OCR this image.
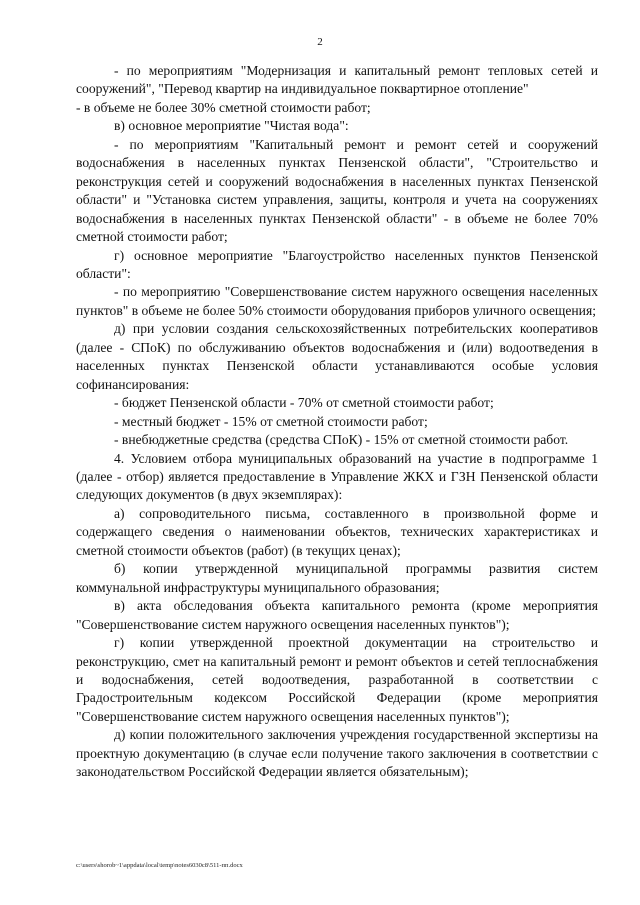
2

- по мероприятиям "Модернизация и капитальный ремонт тепловых сетей и сооружений", "Перевод квартир на индивидуальное поквартирное отопление"

- в объеме не более 30% сметной стоимости работ;

в) основное мероприятие "Чистая вода":

- по мероприятиям "Капитальный ремонт и ремонт сетей и сооружений водоснабжения в населенных пунктах Пензенской области", "Строительство и реконструкция сетей и сооружений водоснабжения в населенных пунктах Пензенской области" и "Установка систем управления, защиты, контроля и учета на сооружениях водоснабжения в населенных пунктах Пензенской области" - в объеме не более 70% сметной стоимости работ;

г) основное мероприятие "Благоустройство населенных пунктов Пензенской области":

- по мероприятию "Совершенствование систем наружного освещения населенных пунктов" в объеме не более 50% стоимости оборудования приборов уличного освещения;

д) при условии создания сельскохозяйственных потребительских кооперативов (далее - СПоК) по обслуживанию объектов водоснабжения и (или) водоотведения в населенных пунктах Пензенской области устанавливаются особые условия софинансирования:

- бюджет Пензенской области - 70% от сметной стоимости работ;

- местный бюджет - 15% от сметной стоимости работ;

- внебюджетные средства (средства СПоК) - 15% от сметной стоимости работ.

4. Условием отбора муниципальных образований на участие в подпрограмме 1 (далее - отбор) является предоставление в Управление ЖКХ и ГЗН Пензенской области следующих документов (в двух экземплярах):

а) сопроводительного письма, составленного в произвольной форме и содержащего сведения о наименовании объектов, технических характеристиках и сметной стоимости объектов (работ) (в текущих ценах);

б) копии утвержденной муниципальной программы развития систем коммунальной инфраструктуры муниципального образования;

в) акта обследования объекта капитального ремонта (кроме мероприятия "Совершенствование систем наружного освещения населенных пунктов");

г) копии утвержденной проектной документации на строительство и реконструкцию, смет на капитальный ремонт и ремонт объектов и сетей теплоснабжения и водоснабжения, сетей водоотведения, разработанной в соответствии с Градостроительным кодексом Российской Федерации (кроме мероприятия "Совершенствование систем наружного освещения населенных пунктов");

д) копии положительного заключения учреждения государственной экспертизы на проектную документацию (в случае если получение такого заключения в соответствии с законодательством Российской Федерации является обязательным);

c:\users\shorob~1\appdata\local\temp\notes6030c8\511-пп.docx
